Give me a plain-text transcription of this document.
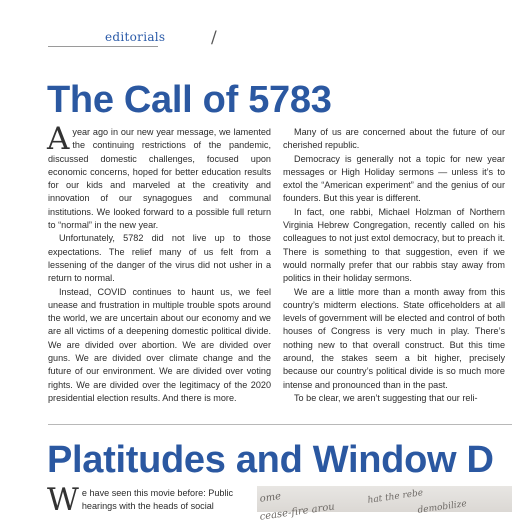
editorials	/
The Call of 5783

Ayear ago in our new year message, we lamented the continuing restrictions of the pandemic, discussed domestic challenges, focused upon economic concerns, hoped for better education results for our kids and marveled at the creativity and innovation of our synagogues and communal institutions. We looked forward to a possible full return to “normal” in the new year.

Unfortunately, 5782 did not live up to those expectations. The relief many of us felt from a lessening of the danger of the virus did not usher in a return to normal.

Instead, COVID continues to haunt us, we feel unease and frustration in multiple trouble spots around the world, we are uncertain about our economy and we are all victims of a deepening domestic political divide. We are divided over abortion. We are divided over guns. We are divided over climate change and the future of our environment. We are divided over voting rights. We are divided over the legitimacy of the 2020 presidential election results. And there is more.

Many of us are concerned about the future of our cherished republic.

Democracy is generally not a topic for new year messages or High Holiday sermons — unless it’s to extol the “American experiment” and the genius of our founders. But this year is different.

In fact, one rabbi, Michael Holzman of Northern Virginia Hebrew Congregation, recently called on his colleagues to not just extol democracy, but to preach it. There is something to that suggestion, even if we would normally prefer that our rabbis stay away from politics in their holiday sermons.

We are a little more than a month away from this country’s midterm elections. State officeholders at all levels of government will be elected and control of both houses of Congress is very much in play. There’s nothing new to that overall construct. But this time around, the stakes seem a bit higher, precisely because our country’s political divide is so much more intense and pronounced than in the past.

To be clear, we aren’t suggesting that our reli-

Platitudes and Window D

We have seen this movie before: Public hearings with the heads of social

ome
cease-fire arou
hat the rebe
demobilize
